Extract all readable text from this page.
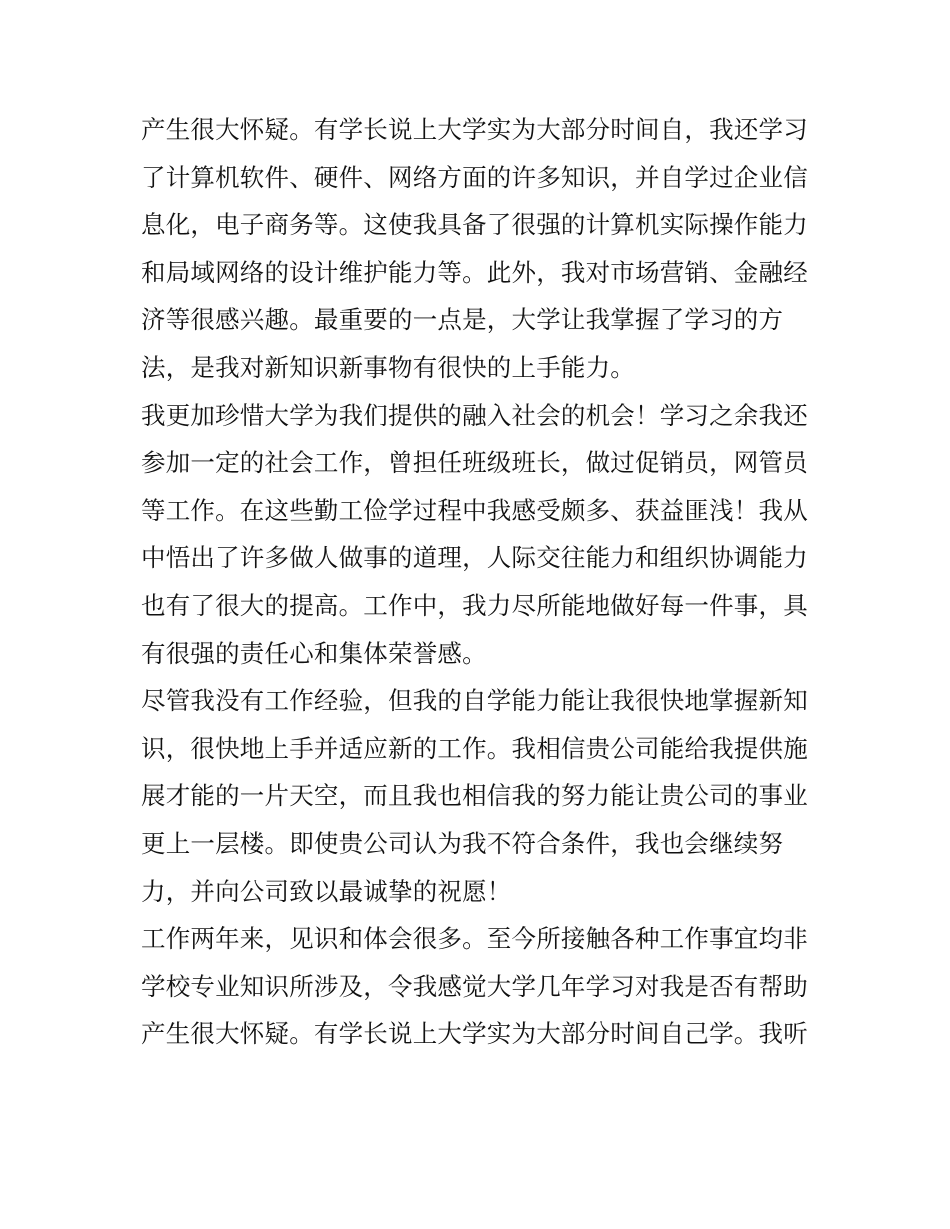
产生很大怀疑。有学长说上大学实为大部分时间自，我还学习
了计算机软件、硬件、网络方面的许多知识，并自学过企业信
息化，电子商务等。这使我具备了很强的计算机实际操作能力
和局域网络的设计维护能力等。此外，我对市场营销、金融经
济等很感兴趣。最重要的一点是，大学让我掌握了学习的方
法，是我对新知识新事物有很快的上手能力。
我更加珍惜大学为我们提供的融入社会的机会！学习之余我还
参加一定的社会工作，曾担任班级班长，做过促销员，网管员
等工作。在这些勤工俭学过程中我感受颇多、获益匪浅！我从
中悟出了许多做人做事的道理，人际交往能力和组织协调能力
也有了很大的提高。工作中，我力尽所能地做好每一件事，具
有很强的责任心和集体荣誉感。
尽管我没有工作经验，但我的自学能力能让我很快地掌握新知
识，很快地上手并适应新的工作。我相信贵公司能给我提供施
展才能的一片天空，而且我也相信我的努力能让贵公司的事业
更上一层楼。即使贵公司认为我不符合条件，我也会继续努
力，并向公司致以最诚挚的祝愿！
工作两年来，见识和体会很多。至今所接触各种工作事宜均非
学校专业知识所涉及，令我感觉大学几年学习对我是否有帮助
产生很大怀疑。有学长说上大学实为大部分时间自己学。我听
